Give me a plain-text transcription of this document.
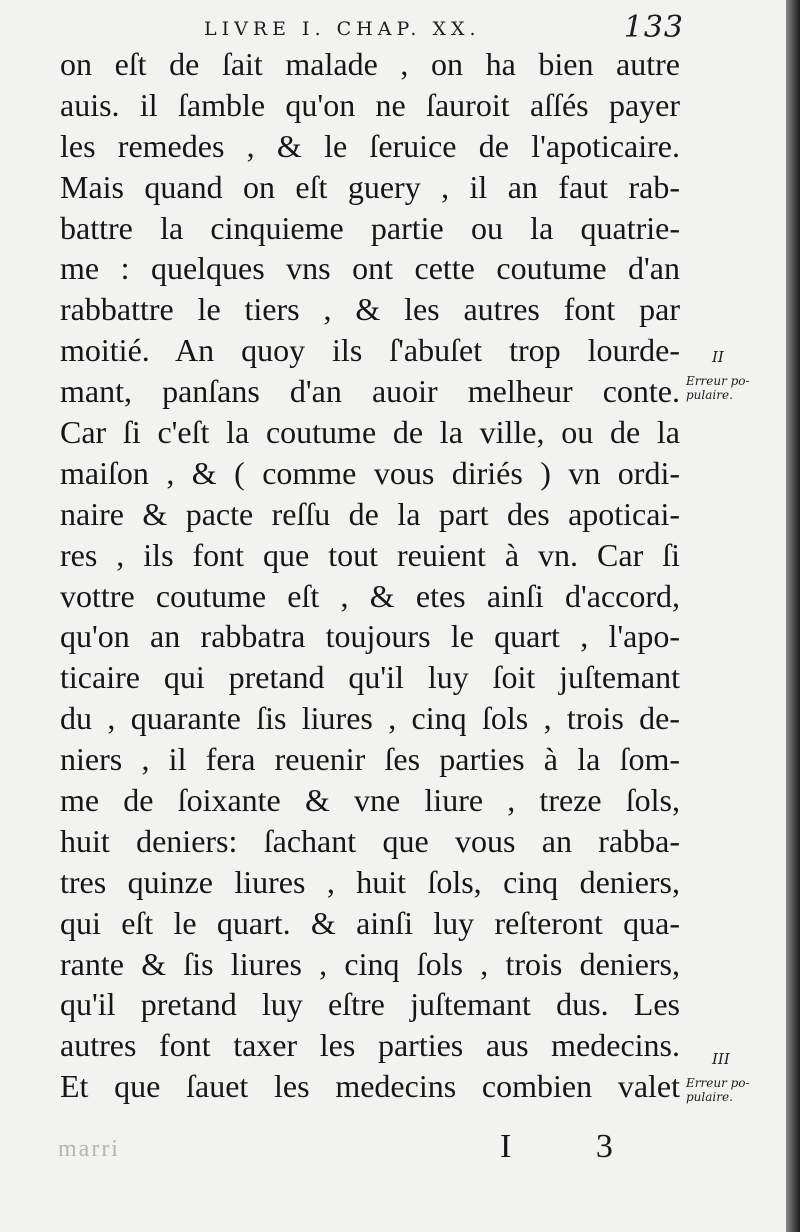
LIVRE I. CHAP. XX.	133
on eſt de ſait malade , on ha bien autre
auis. il ſamble qu'on ne ſauroit aſſés payer
les remedes , & le ſeruice de l'apoticaire.
Mais quand on eſt guery , il an faut rab-
battre la cinquieme partie ou la quatrie-
me : quelques vns ont cette coutume d'an
rabbattre le tiers , & les autres font par
moitié. An quoy ils ſ'abuſet trop lourde-
mant, panſans d'an auoir melheur conte.
Car ſi c'eſt la coutume de la ville, ou de la
maiſon , & ( comme vous diriés ) vn ordi-
naire & pacte reſſu de la part des apoticai-
res , ils font que tout reuient à vn. Car ſi
vottre coutume eſt , & etes ainſi d'accord,
qu'on an rabbatra toujours le quart , l'apo-
ticaire qui pretand qu'il luy ſoit juſtemant
du , quarante ſis liures , cinq ſols , trois de-
niers , il fera reuenir ſes parties à la ſom-
me de ſoixante & vne liure , treze ſols,
huit deniers: ſachant que vous an rabba-
tres quinze liures , huit ſols, cinq deniers,
qui eſt le quart. & ainſi luy reſteront qua-
rante & ſis liures , cinq ſols , trois deniers,
qu'il pretand luy eſtre juſtemant dus. Les
autres font taxer les parties aus medecins.
Et que ſauet les medecins combien valet
II
Erreur po-
pulaire.
III
Erreur po-
pulaire.
marri	I 3
